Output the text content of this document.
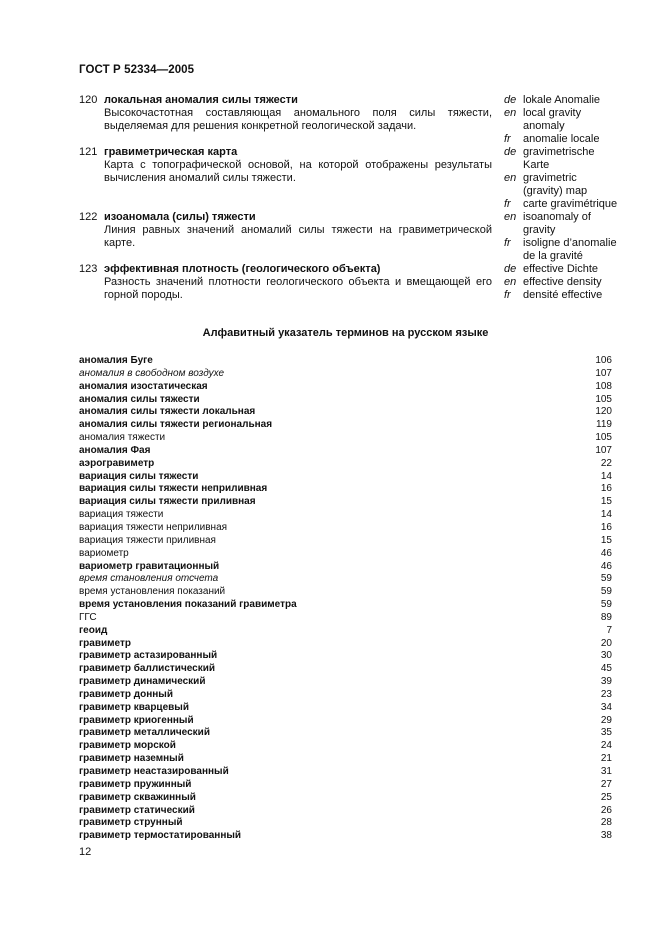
ГОСТ Р 52334—2005
120 локальная аномалия силы тяжести
Высокочастотная составляющая аномального поля силы тяжести, выделяемая для решения конкретной геологической задачи.
de lokale Anomalie
en local gravity anomaly
fr	anomalie locale
121 гравиметрическая карта
Карта с топографической основой, на которой отображены результаты вычисления аномалий силы тяжести.
de gravimetrische Karte
en gravimetric (gravity) map
fr	carte gravimétrique
122 изоаномала (силы) тяжести
Линия равных значений аномалий силы тяжести на гравиметрической карте.
en isoanomaly of gravity
fr	isoligne d’anomalie de la gravité
123 эффективная плотность (геологического объекта)
Разность значений плотности геологического объекта и вмещающей его горной породы.
de effective Dichte
en effective density
fr	densité effective
Алфавитный указатель терминов на русском языке
аномалия Буге	106
аномалия в свободном воздухе	107
аномалия изостатическая	108
аномалия силы тяжести	105
аномалия силы тяжести локальная	120
аномалия силы тяжести региональная	119
аномалия тяжести	105
аномалия Фая	107
аэрогравиметр	22
вариация силы тяжести	14
вариация силы тяжести неприливная	16
вариация силы тяжести приливная	15
вариация тяжести	14
вариация тяжести неприливная	16
вариация тяжести приливная	15
вариометр	46
вариометр гравитационный	46
время становления отсчета	59
время установления показаний	59
время установления показаний гравиметра	59
ГГС	89
геоид	7
гравиметр	20
гравиметр астазированный	30
гравиметр баллистический	45
гравиметр динамический	39
гравиметр донный	23
гравиметр кварцевый	34
гравиметр криогенный	29
гравиметр металлический	35
гравиметр морской	24
гравиметр наземный	21
гравиметр неастазированный	31
гравиметр пружинный	27
гравиметр скважинный	25
гравиметр статический	26
гравиметр струнный	28
гравиметр термостатированный	38
12
